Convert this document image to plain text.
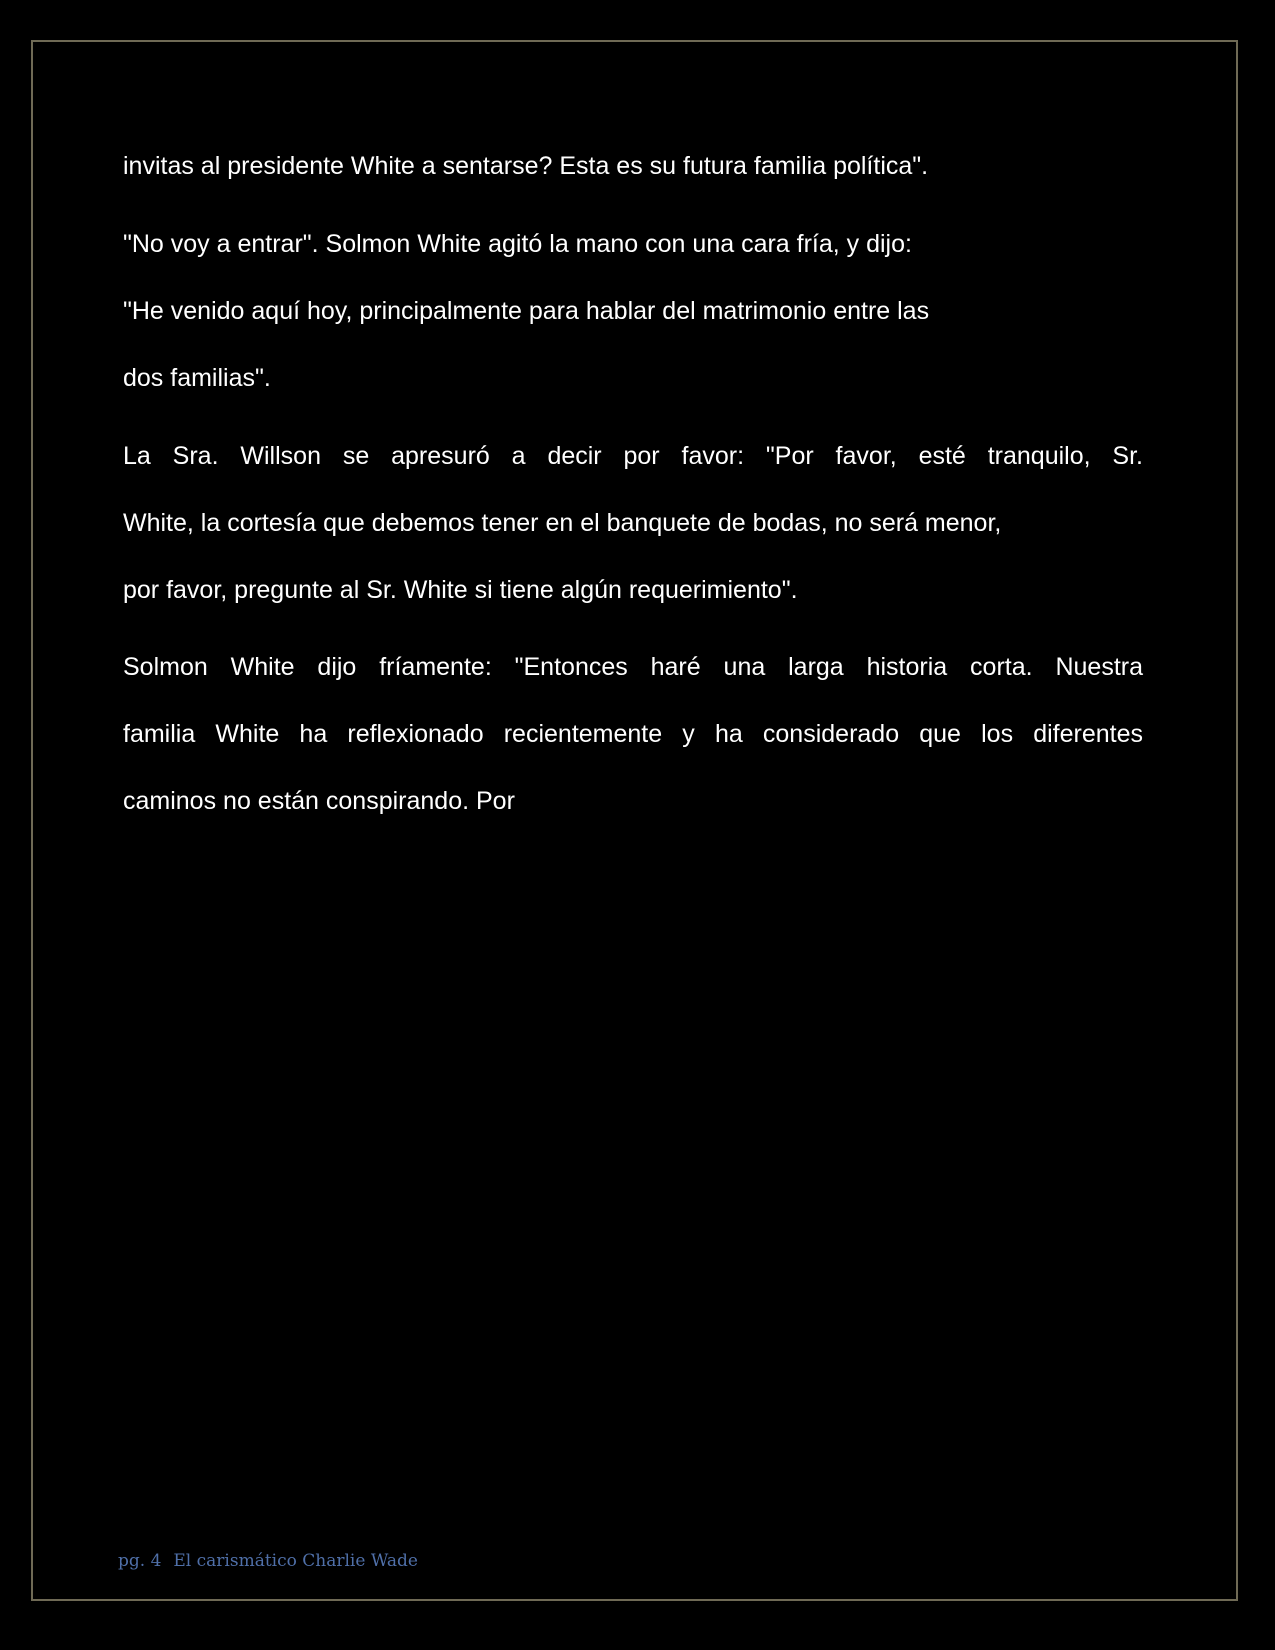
invitas al presidente White a sentarse? Esta es su futura familia política".
"No voy a entrar". Solmon White agitó la mano con una cara fría, y dijo:
"He venido aquí hoy, principalmente para hablar del matrimonio entre las
dos familias".
La Sra. Willson se apresuró a decir por favor: "Por favor, esté tranquilo, Sr.
White, la cortesía que debemos tener en el banquete de bodas, no será menor,
por favor, pregunte al Sr. White si tiene algún requerimiento".
Solmon White dijo fríamente: "Entonces haré una larga historia corta. Nuestra
familia White ha reflexionado recientemente y ha considerado que los diferentes
caminos no están conspirando. Por
pg. 4 El carismático Charlie Wade
